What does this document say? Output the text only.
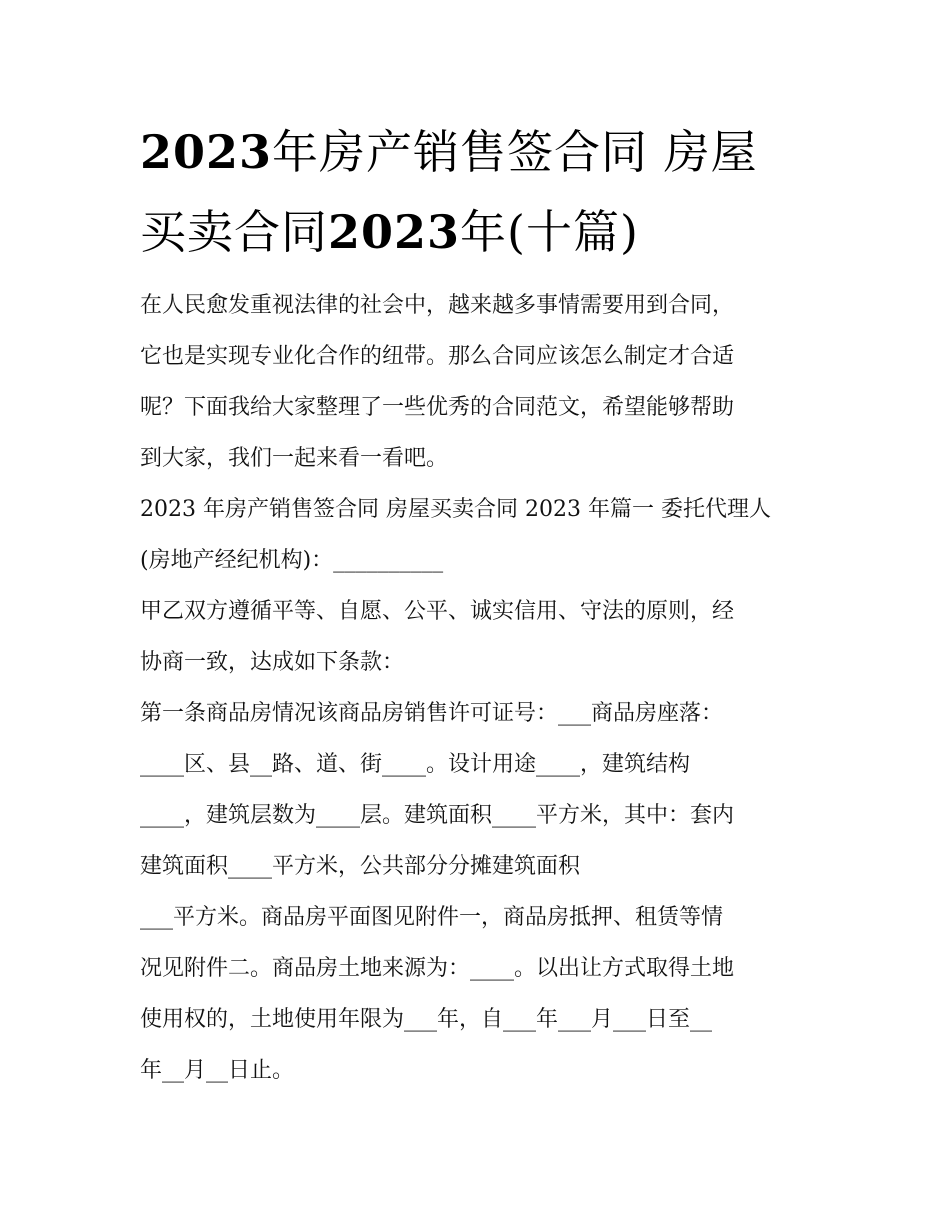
2023年房产销售签合同 房屋
买卖合同2023年(十篇)

在人民愈发重视法律的社会中，越来越多事情需要用到合同，
它也是实现专业化合作的纽带。那么合同应该怎么制定才合适
呢？下面我给大家整理了一些优秀的合同范文，希望能够帮助
到大家，我们一起来看一看吧。

2023 年房产销售签合同 房屋买卖合同 2023 年篇一 委托代理人
(房地产经纪机构)：__________

甲乙双方遵循平等、自愿、公平、诚实信用、守法的原则，经
协商一致，达成如下条款：

第一条商品房情况该商品房销售许可证号：___商品房座落：
____区、县__路、道、街____。设计用途____，建筑结构
____，建筑层数为____层。建筑面积____平方米，其中：套内
建筑面积____平方米，公共部分分摊建筑面积
___平方米。商品房平面图见附件一，商品房抵押、租赁等情
况见附件二。商品房土地来源为：____。以出让方式取得土地
使用权的，土地使用年限为___年，自___年___月___日至__
年__月__日止。
